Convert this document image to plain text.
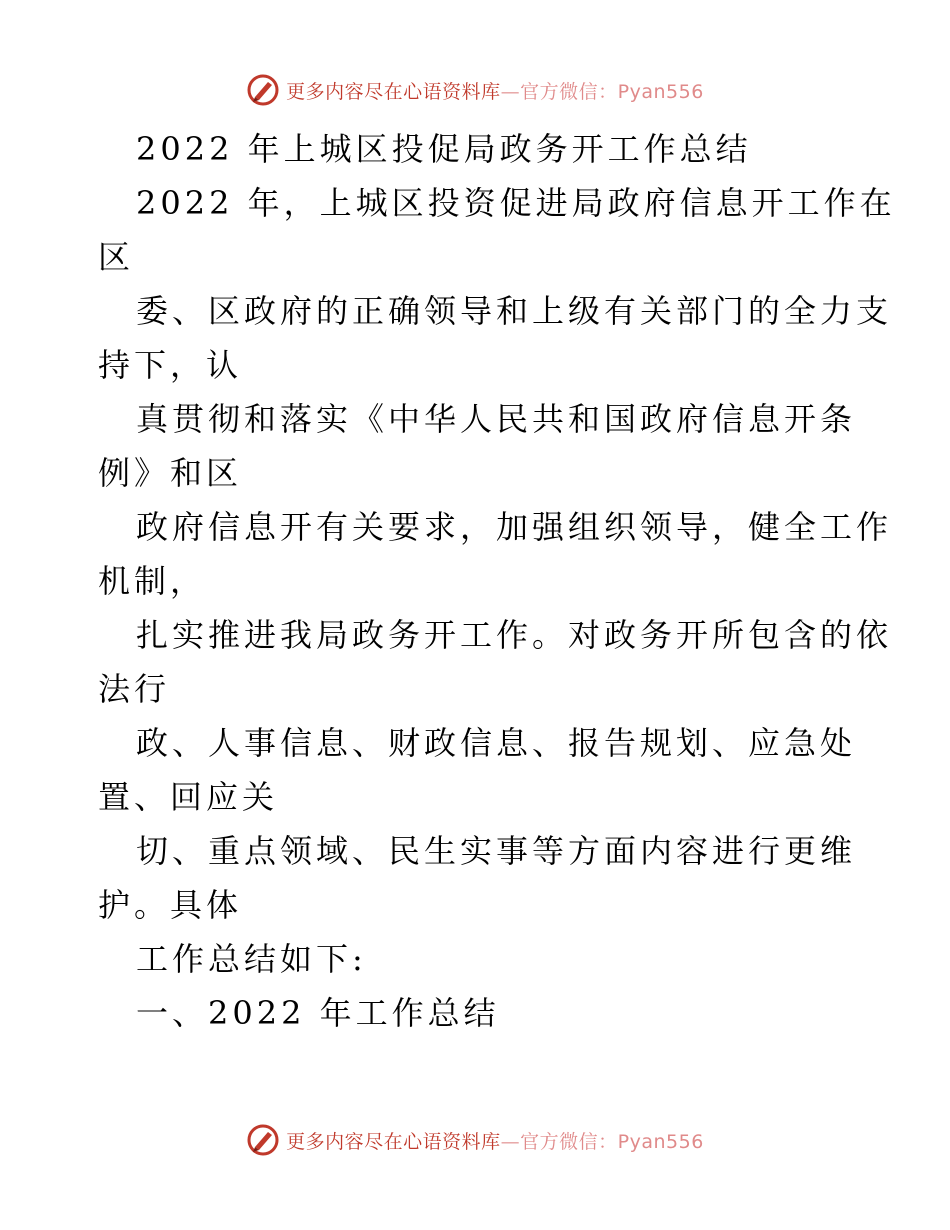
更多内容尽在心语资料库—官方微信：Pyan556
2022 年上城区投促局政务开工作总结
2022 年，上城区投资促进局政府信息开工作在
区
委、区政府的正确领导和上级有关部门的全力支
持下，认
真贯彻和落实《中华人民共和国政府信息开条
例》和区
政府信息开有关要求，加强组织领导，健全工作
机制，
扎实推进我局政务开工作。对政务开所包含的依
法行
政、人事信息、财政信息、报告规划、应急处
置、回应关
切、重点领域、民生实事等方面内容进行更维
护。具体
工作总结如下:
一、2022 年工作总结
更多内容尽在心语资料库—官方微信：Pyan556
